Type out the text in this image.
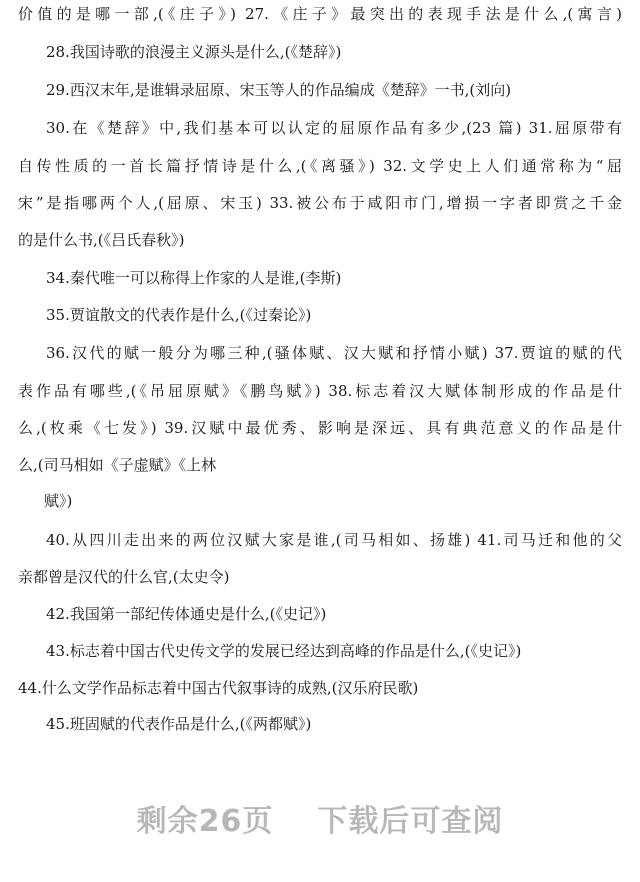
价值的是哪一部,(《庄子》) 27.《庄子》最突出的表现手法是什么,(寓言)
28.我国诗歌的浪漫主义源头是什么,(《楚辞》)
29.西汉末年,是谁辑录屈原、宋玉等人的作品编成《楚辞》一书,(刘向)
30.在《楚辞》中,我们基本可以认定的屈原作品有多少,(23 篇) 31.屈原带有
自传性质的一首长篇抒情诗是什么,(《离骚》) 32.文学史上人们通常称为“屈
宋”是指哪两个人,(屈原、宋玉) 33.被公布于咸阳市门,增损一字者即赏之千金
的是什么书,(《吕氏春秋》)
34.秦代唯一可以称得上作家的人是谁,(李斯)
35.贾谊散文的代表作是什么,(《过秦论》)
36.汉代的赋一般分为哪三种,(骚体赋、汉大赋和抒情小赋) 37.贾谊的赋的代
表作品有哪些,(《吊屈原赋》《鹏鸟赋》) 38.标志着汉大赋体制形成的作品是什
么,(枚乘《七发》) 39.汉赋中最优秀、影响是深远、具有典范意义的作品是什
么,(司马相如《子虚赋》《上林
赋》)
40.从四川走出来的两位汉赋大家是谁,(司马相如、扬雄) 41.司马迁和他的父
亲都曾是汉代的什么官,(太史令)
42.我国第一部纪传体通史是什么,(《史记》)
43.标志着中国古代史传文学的发展已经达到高峰的作品是什么,(《史记》)
44.什么文学作品标志着中国古代叙事诗的成熟,(汉乐府民歌)
45.班固赋的代表作品是什么,(《两都赋》)
剩余26页 下载后可查阅
